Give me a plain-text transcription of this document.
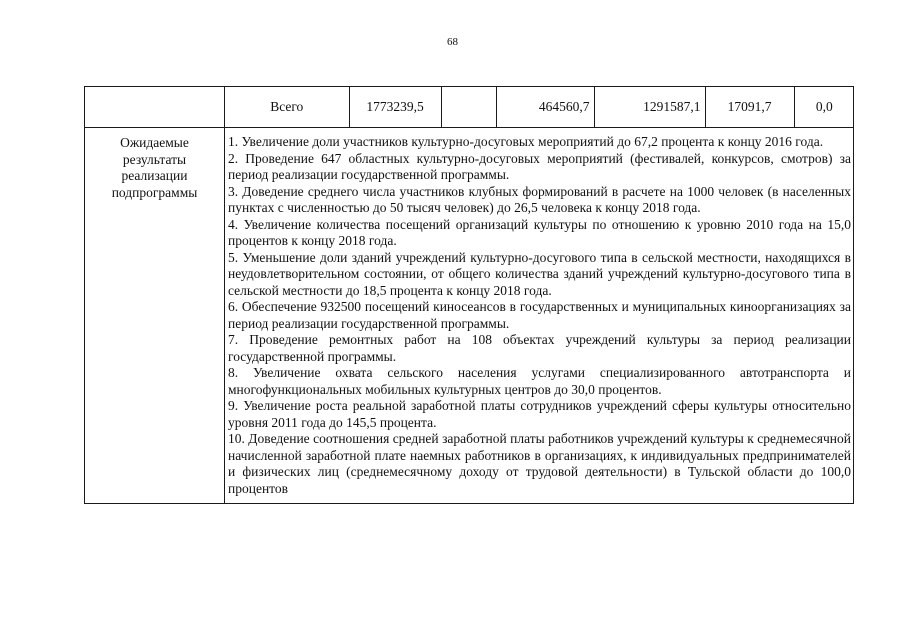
68

Всего	1773239,5		464560,7	1291587,1	17091,7	0,0

Ожидаемые
результаты
реализации
подпрограммы

1. Увеличение доли участников культурно-досуговых мероприятий до 67,2 процента к концу 2016 года.
2. Проведение 647 областных культурно-досуговых мероприятий (фестивалей, конкурсов, смотров) за период реализации государственной программы.
3. Доведение среднего числа участников клубных формирований в расчете на 1000 человек (в населенных пунктах с численностью до 50 тысяч человек) до 26,5 человека к концу 2018 года.
4. Увеличение количества посещений организаций культуры по отношению к уровню 2010 года на 15,0 процентов к концу 2018 года.
5. Уменьшение доли зданий учреждений культурно-досугового типа в сельской местности, находящихся в неудовлетворительном состоянии, от общего количества зданий учреждений культурно-досугового типа в сельской местности до 18,5 процента к концу 2018 года.
6. Обеспечение 932500 посещений киносеансов в государственных и муниципальных киноорганизациях за период реализации государственной программы.
7. Проведение ремонтных работ на 108 объектах учреждений культуры за период реализации государственной программы.
8. Увеличение охвата сельского населения услугами специализированного автотранспорта и многофункциональных мобильных культурных центров до 30,0 процентов.
9. Увеличение роста реальной заработной платы сотрудников учреждений сферы культуры относительно уровня 2011 года до 145,5 процента.
10. Доведение соотношения средней заработной платы работников учреждений культуры к среднемесячной начисленной заработной плате наемных работников в организациях, к индивидуальных предпринимателей и физических лиц (среднемесячному доходу от трудовой деятельности) в Тульской области до 100,0 процентов
